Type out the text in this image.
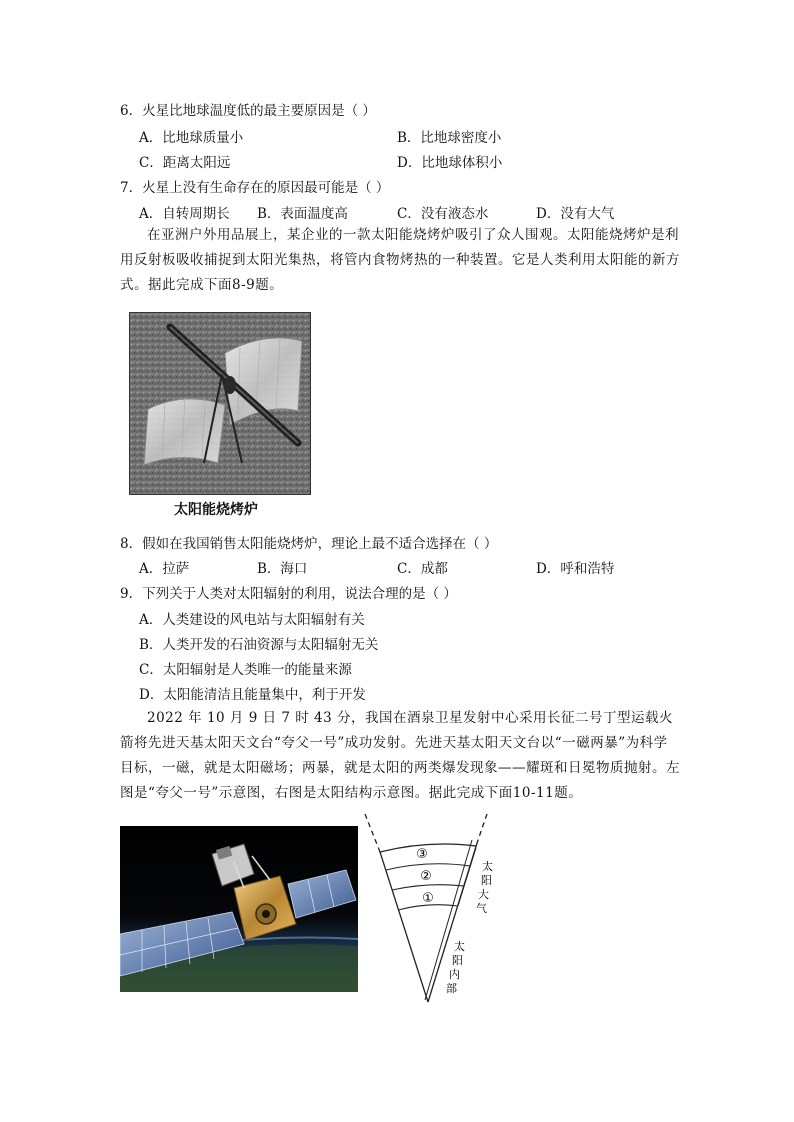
6．火星比地球温度低的最主要原因是（ ）
A．比地球质量小	B．比地球密度小
C．距离太阳远	D．比地球体积小
7．火星上没有生命存在的原因最可能是（ ）
A．自转周期长 B．表面温度高	C．没有液态水	D．没有大气
在亚洲户外用品展上，某企业的一款太阳能烧烤炉吸引了众人围观。太阳能烧烤炉是利用反射板吸收捕捉到太阳光集热，将管内食物烤热的一种装置。它是人类利用太阳能的新方式。据此完成下面8-9题。
太阳能烧烤炉
8．假如在我国销售太阳能烧烤炉，理论上最不适合选择在（ ）
A．拉萨	B．海口	C．成都	D．呼和浩特
9．下列关于人类对太阳辐射的利用，说法合理的是（ ）
A．人类建设的风电站与太阳辐射有关
B．人类开发的石油资源与太阳辐射无关
C．太阳辐射是人类唯一的能量来源
D．太阳能清洁且能量集中，利于开发
2022 年 10 月 9 日 7 时 43 分，我国在酒泉卫星发射中心采用长征二号丁型运载火箭将先进天基太阳天文台“夸父一号”成功发射。先进天基太阳天文台以“一磁两暴”为科学目标，一磁，就是太阳磁场；两暴，就是太阳的两类爆发现象——耀斑和日冕物质抛射。左图是“夸父一号”示意图，右图是太阳结构示意图。据此完成下面10-11题。
③
②
①
太
阳
大
气
太
阳
内
部
